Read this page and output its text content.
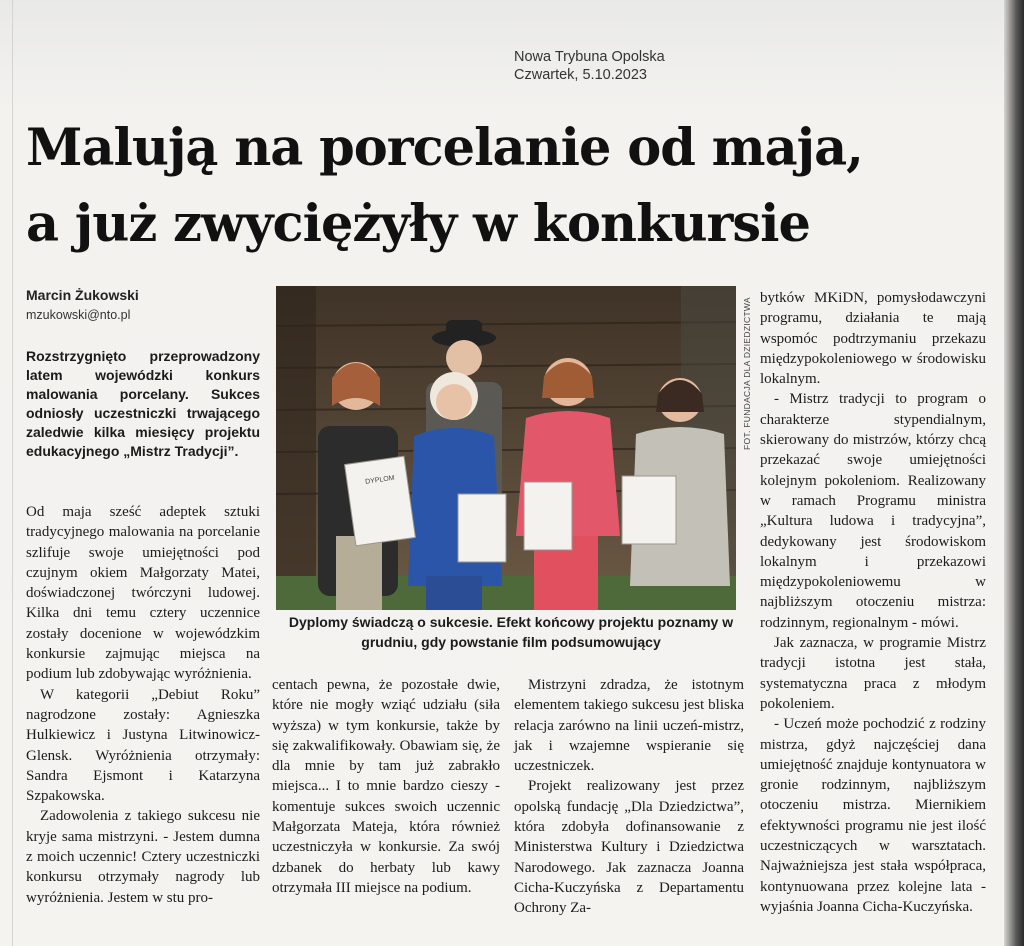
Nowa Trybuna Opolska
Czwartek, 5.10.2023
Malują na porcelanie od maja,
a już zwyciężyły w konkursie
Marcin Żukowski
mzukowski@nto.pl
Rozstrzygnięto przeprowadzony latem wojewódzki konkurs malowania porcelany. Sukces odniosły uczestniczki trwającego zaledwie kilka miesięcy projektu edukacyjnego „Mistrz Tradycji”.

Od maja sześć adeptek sztuki tradycyjnego malowania na porcelanie szlifuje swoje umiejętności pod czujnym okiem Małgorzaty Matei, doświadczonej twórczyni ludowej. Kilka dni temu cztery uczennice zostały docenione w wojewódzkim konkursie zajmując miejsca na podium lub zdobywając wyróżnienia.

W kategorii „Debiut Roku” nagrodzone zostały: Agnieszka Hulkiewicz i Justyna Litwinowicz-Glensk. Wyróżnienia otrzymały: Sandra Ejsmont i Katarzyna Szpakowska.

Zadowolenia z takiego sukcesu nie kryje sama mistrzyni. - Jestem dumna z moich uczennic! Cztery uczestniczki konkursu otrzymały nagrody lub wyróżnienia. Jestem w stu pro-

DYPLOM
FOT. FUNDACJA DLA DZIEDZICTWA
Dyplomy świadczą o sukcesie. Efekt końcowy projektu poznamy w grudniu, gdy powstanie film podsumowujący

centach pewna, że pozostałe dwie, które nie mogły wziąć udziału (siła wyższa) w tym konkursie, także by się zakwalifikowały. Obawiam się, że dla mnie by tam już zabrakło miejsca... I to mnie bardzo cieszy - komentuje sukces swoich uczennic Małgorzata Mateja, która również uczestniczyła w konkursie. Za swój dzbanek do herbaty lub kawy otrzymała III miejsce na podium.

Mistrzyni zdradza, że istotnym elementem takiego sukcesu jest bliska relacja zarówno na linii uczeń-mistrz, jak i wzajemne wspieranie się uczestniczek.

Projekt realizowany jest przez opolską fundację „Dla Dziedzictwa”, która zdobyła dofinansowanie z Ministerstwa Kultury i Dziedzictwa Narodowego. Jak zaznacza Joanna Cicha-Kuczyńska z Departamentu Ochrony Za-

bytków MKiDN, pomysłodawczyni programu, działania te mają wspomóc podtrzymaniu przekazu międzypokoleniowego w środowisku lokalnym.

- Mistrz tradycji to program o charakterze stypendialnym, skierowany do mistrzów, którzy chcą przekazać swoje umiejętności kolejnym pokoleniom. Realizowany w ramach Programu ministra „Kultura ludowa i tradycyjna”, dedykowany jest środowiskom lokalnym i przekazowi międzypokoleniowemu w najbliższym otoczeniu mistrza: rodzinnym, regionalnym - mówi.

Jak zaznacza, w programie Mistrz tradycji istotna jest stała, systematyczna praca z młodym pokoleniem.

- Uczeń może pochodzić z rodziny mistrza, gdyż najczęściej dana umiejętność znajduje kontynuatora w gronie rodzinnym, najbliższym otoczeniu mistrza. Miernikiem efektywności programu nie jest ilość uczestniczących w warsztatach. Najważniejsza jest stała współpraca, kontynuowana przez kolejne lata - wyjaśnia Joanna Cicha-Kuczyńska.
